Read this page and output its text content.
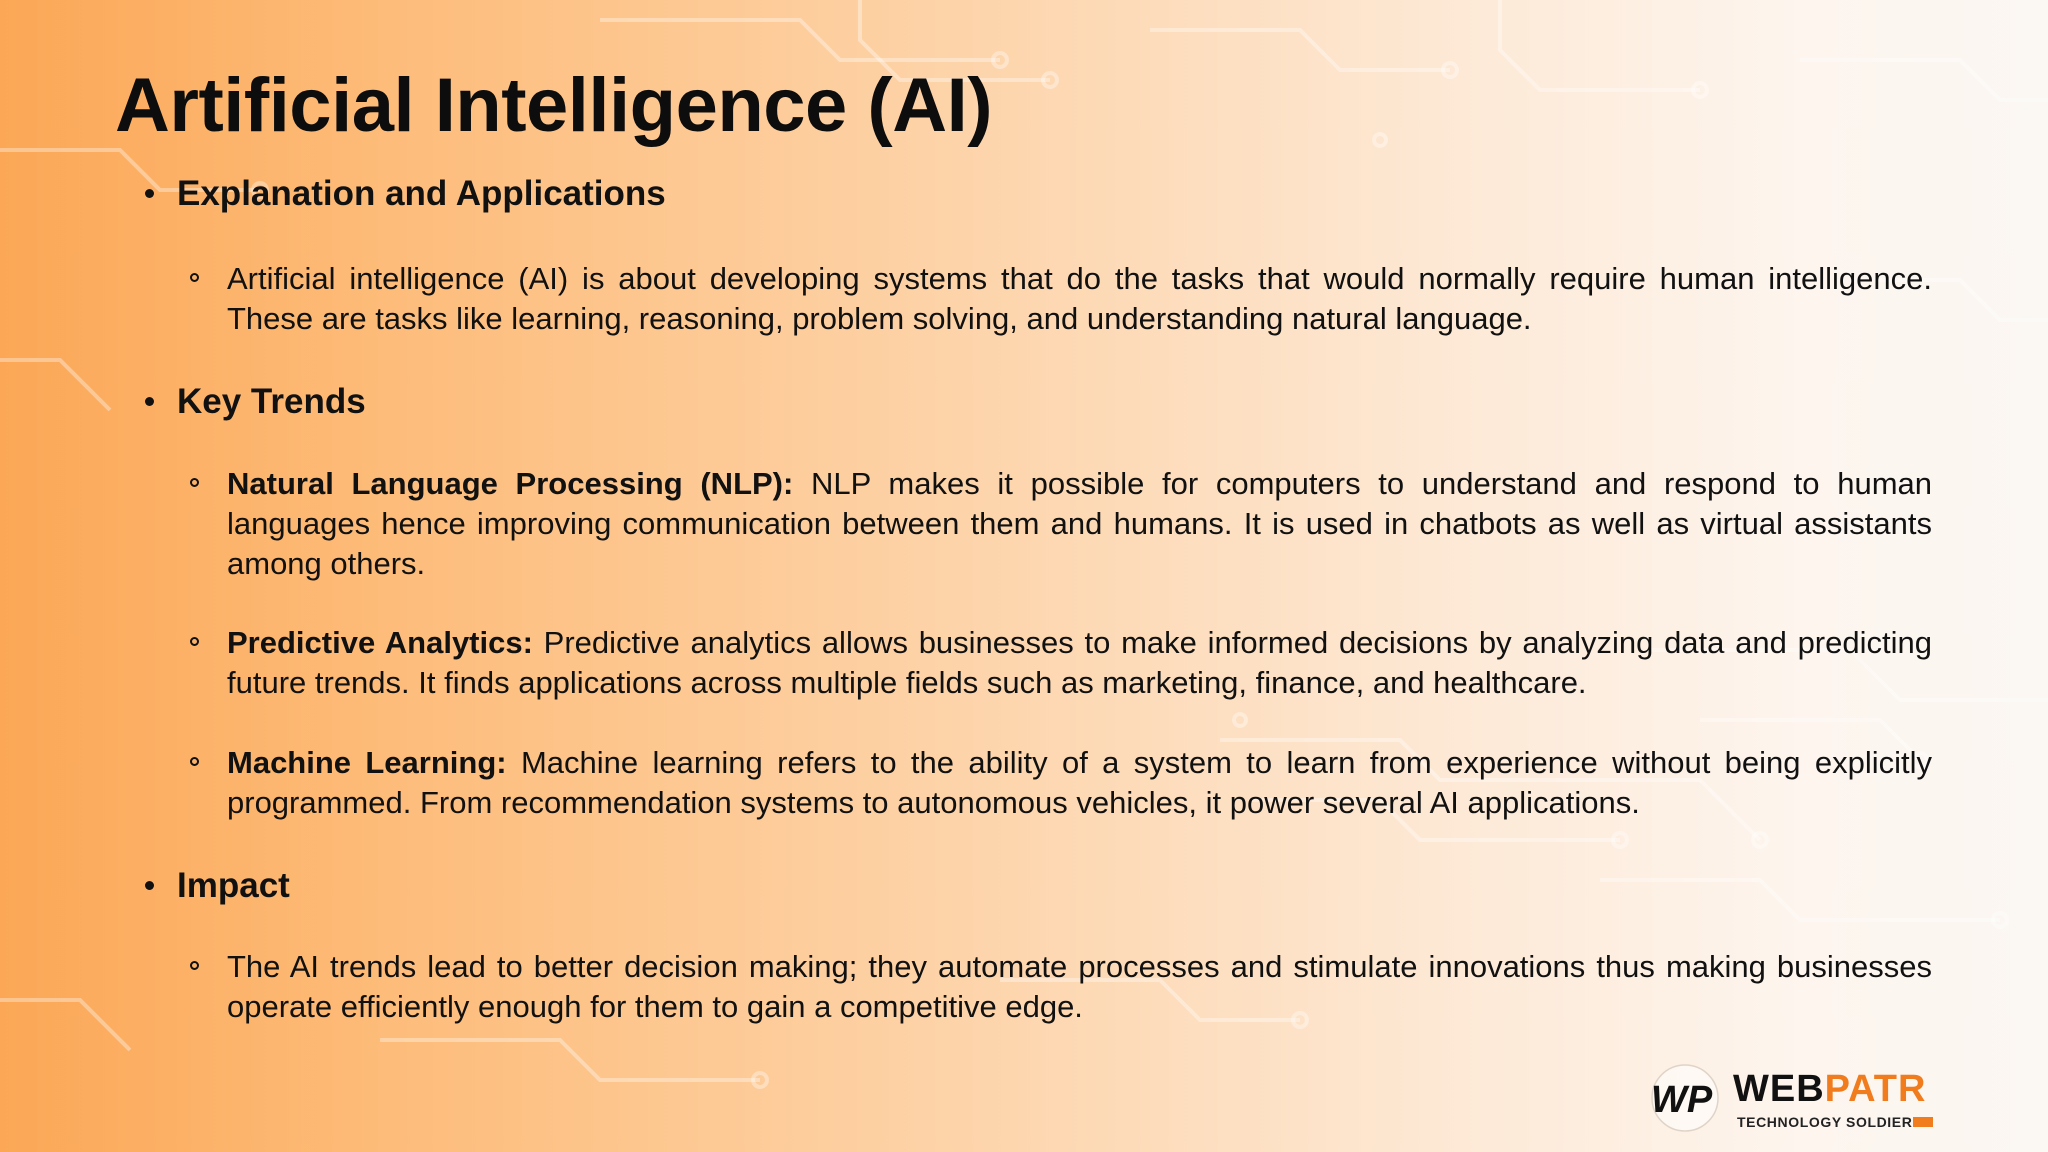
Artificial Intelligence (AI)
Explanation and Applications
Artificial intelligence (AI) is about developing systems that do the tasks that would normally require human intelligence. These are tasks like learning, reasoning, problem solving, and understanding natural language.
Key Trends
Natural Language Processing (NLP): NLP makes it possible for computers to understand and respond to human languages hence improving communication between them and humans. It is used in chatbots as well as virtual assistants among others.
Predictive Analytics: Predictive analytics allows businesses to make informed decisions by analyzing data and predicting future trends. It finds applications across multiple fields such as marketing, finance, and healthcare.
Machine Learning: Machine learning refers to the ability of a system to learn from experience without being explicitly programmed. From recommendation systems to autonomous vehicles, it power several AI applications.
Impact
The AI trends lead to better decision making; they automate processes and stimulate innovations thus making businesses operate efficiently enough for them to gain a competitive edge.
WP WEBPATR
TECHNOLOGY SOLDIER
